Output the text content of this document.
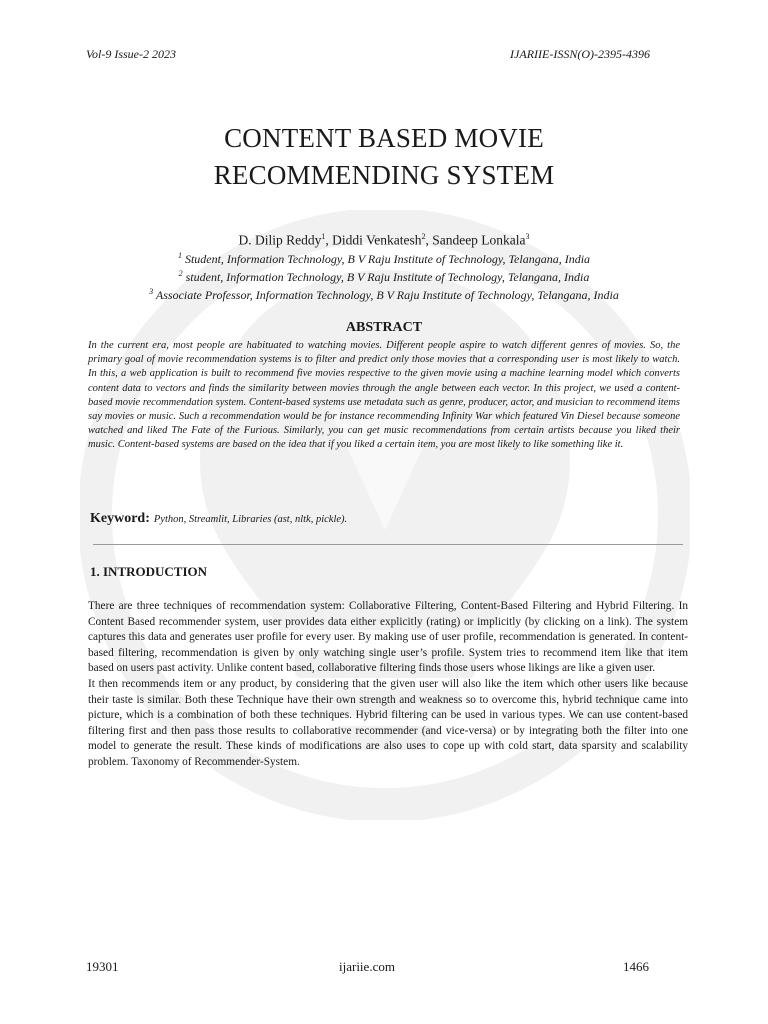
Vol-9 Issue-2 2023	IJARIIE-ISSN(O)-2395-4396
CONTENT BASED MOVIE
RECOMMENDING SYSTEM
D. Dilip Reddy$^1$, Diddi Venkatesh$^2$, Sandeep Lonkala$^3$
$^1$ Student, Information Technology, B V Raju Institute of Technology, Telangana, India
$^2$ student, Information Technology, B V Raju Institute of Technology, Telangana, India
$^3$ Associate Professor, Information Technology, B V Raju Institute of Technology, Telangana, India
ABSTRACT
In the current era, most people are habituated to watching movies. Different people aspire to watch different genres of movies. So, the primary goal of movie recommendation systems is to filter and predict only those movies that a corresponding user is most likely to watch. In this, a web application is built to recommend five movies respective to the given movie using a machine learning model which converts content data to vectors and finds the similarity between movies through the angle between each vector. In this project, we used a content-based movie recommendation system. Content-based systems use metadata such as genre, producer, actor, and musician to recommend items say movies or music. Such a recommendation would be for instance recommending Infinity War which featured Vin Diesel because someone watched and liked The Fate of the Furious. Similarly, you can get music recommendations from certain artists because you liked their music. Content-based systems are based on the idea that if you liked a certain item, you are most likely to like something like it.
Keyword: Python, Streamlit, Libraries (ast, nltk, pickle).
1. INTRODUCTION

There are three techniques of recommendation system: Collaborative Filtering, Content-Based Filtering and Hybrid Filtering. In Content Based recommender system, user provides data either explicitly (rating) or implicitly (by clicking on a link). The system captures this data and generates user profile for every user. By making use of user profile, recommendation is generated. In content-based filtering, recommendation is given by only watching single user’s profile. System tries to recommend item like that item based on users past activity. Unlike content based, collaborative filtering finds those users whose likings are like a given user.

It then recommends item or any product, by considering that the given user will also like the item which other users like because their taste is similar. Both these Technique have their own strength and weakness so to overcome this, hybrid technique came into picture, which is a combination of both these techniques. Hybrid filtering can be used in various types. We can use content-based filtering first and then pass those results to collaborative recommender (and vice-versa) or by integrating both the filter into one model to generate the result. These kinds of modifications are also uses to cope up with cold start, data sparsity and scalability problem. Taxonomy of Recommender-System.

19301	ijariie.com	1466
